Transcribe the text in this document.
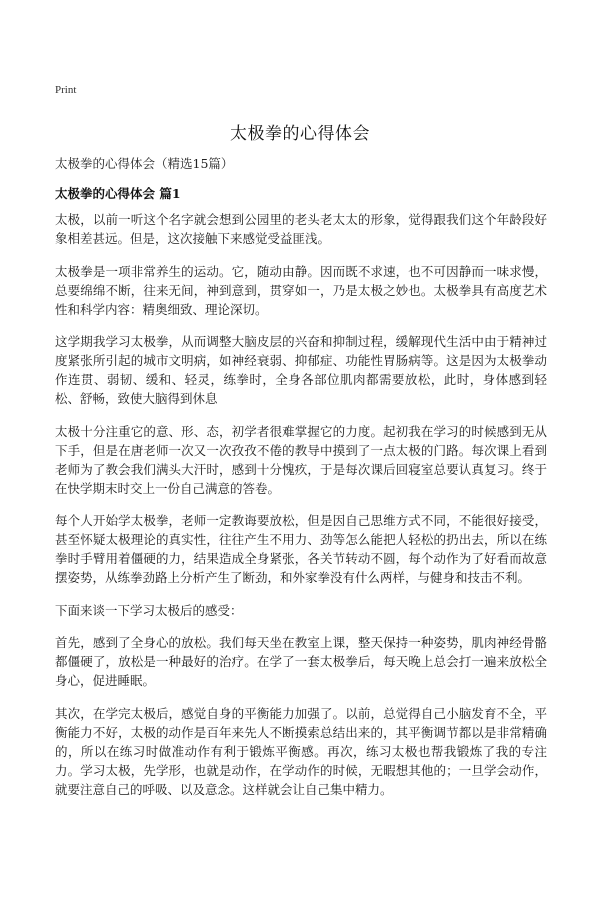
Print
太极拳的心得体会
太极拳的心得体会（精选15篇）
太极拳的心得体会 篇1

太极，以前一听这个名字就会想到公园里的老头老太太的形象，觉得跟我们这个年龄段好象相差甚远。但是，这次接触下来感觉受益匪浅。

太极拳是一项非常养生的运动。它，随动由静。因而既不求速，也不可因静而一味求慢，总要绵绵不断，往来无间，神到意到，贯穿如一，乃是太极之妙也。太极拳具有高度艺术性和科学内容：精奥细致、理论深切。

这学期我学习太极拳，从而调整大脑皮层的兴奋和抑制过程，缓解现代生活中由于精神过度紧张所引起的城市文明病，如神经衰弱、抑郁症、功能性胃肠病等。这是因为太极拳动作连贯、弱韧、缓和、轻灵，练拳时，全身各部位肌肉都需要放松，此时，身体感到轻松、舒畅，致使大脑得到休息

太极十分注重它的意、形、态，初学者很难掌握它的力度。起初我在学习的时候感到无从下手，但是在唐老师一次又一次孜孜不倦的教导中摸到了一点太极的门路。每次课上看到老师为了教会我们满头大汗时，感到十分愧疚，于是每次课后回寝室总要认真复习。终于在快学期末时交上一份自己满意的答卷。

每个人开始学太极拳，老师一定教诲要放松，但是因自己思维方式不同，不能很好接受，甚至怀疑太极理论的真实性，往往产生不用力、劲等怎么能把人轻松的扔出去，所以在练拳时手臂用着僵硬的力，结果造成全身紧张，各关节转动不圆，每个动作为了好看而故意摆姿势，从练拳劲路上分析产生了断劲，和外家拳没有什么两样，与健身和技击不利。

下面来谈一下学习太极后的感受：

首先，感到了全身心的放松。我们每天坐在教室上课，整天保持一种姿势，肌肉神经骨骼都僵硬了，放松是一种最好的治疗。在学了一套太极拳后，每天晚上总会打一遍来放松全身心，促进睡眠。

其次，在学完太极后，感觉自身的平衡能力加强了。以前，总觉得自己小脑发育不全，平衡能力不好，太极的动作是百年来先人不断摸索总结出来的，其平衡调节都以是非常精确的，所以在练习时做准动作有利于锻炼平衡感。再次，练习太极也帮我锻炼了我的专注力。学习太极，先学形，也就是动作，在学动作的时候，无暇想其他的；一旦学会动作，就要注意自己的呼吸、以及意念。这样就会让自己集中精力。
